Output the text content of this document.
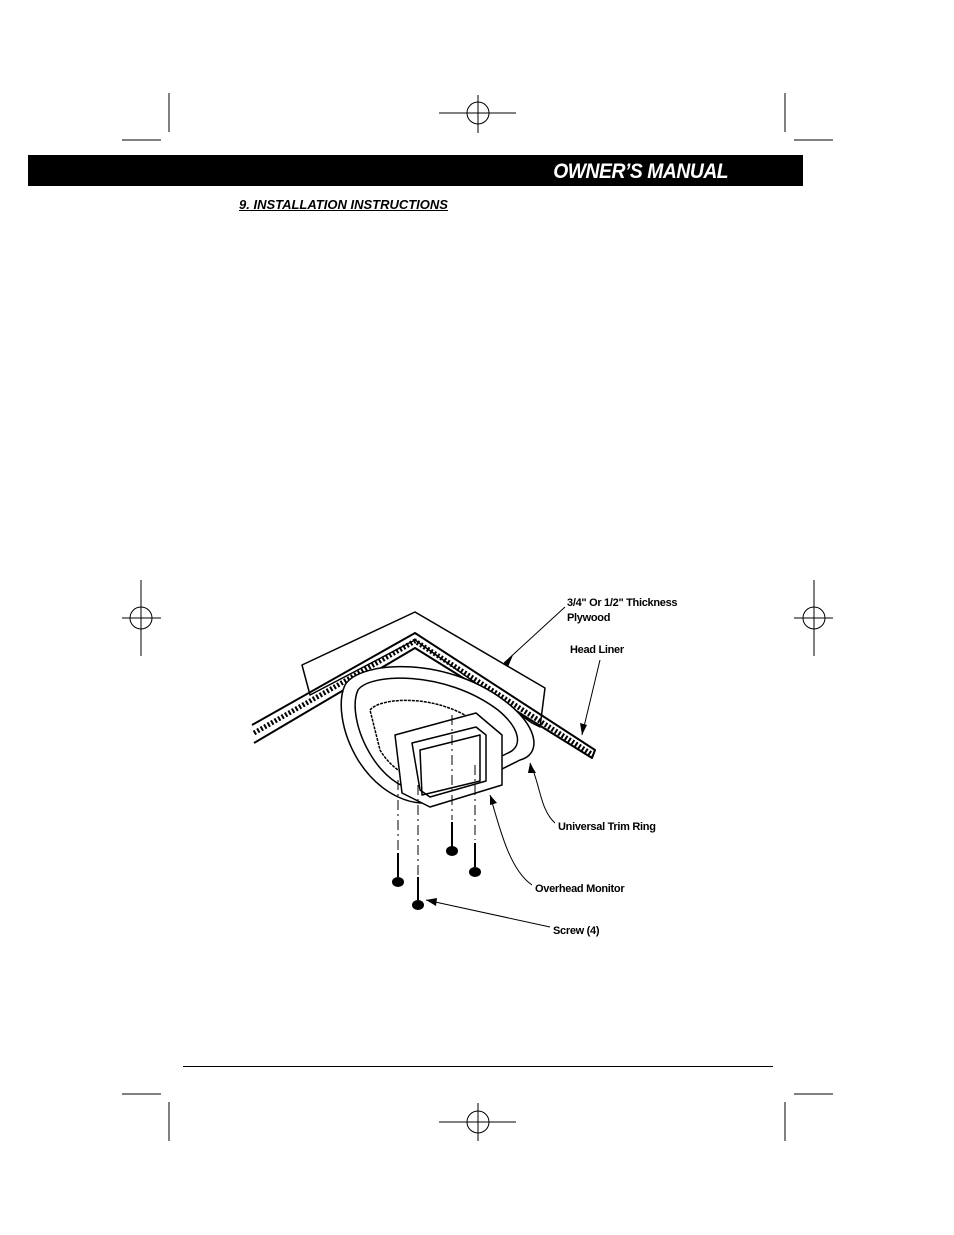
OWNER’S MANUAL
9. INSTALLATION INSTRUCTIONS
3/4" Or 1/2" Thickness
Plywood
Head Liner
Universal Trim Ring
Overhead Monitor
Screw (4)
